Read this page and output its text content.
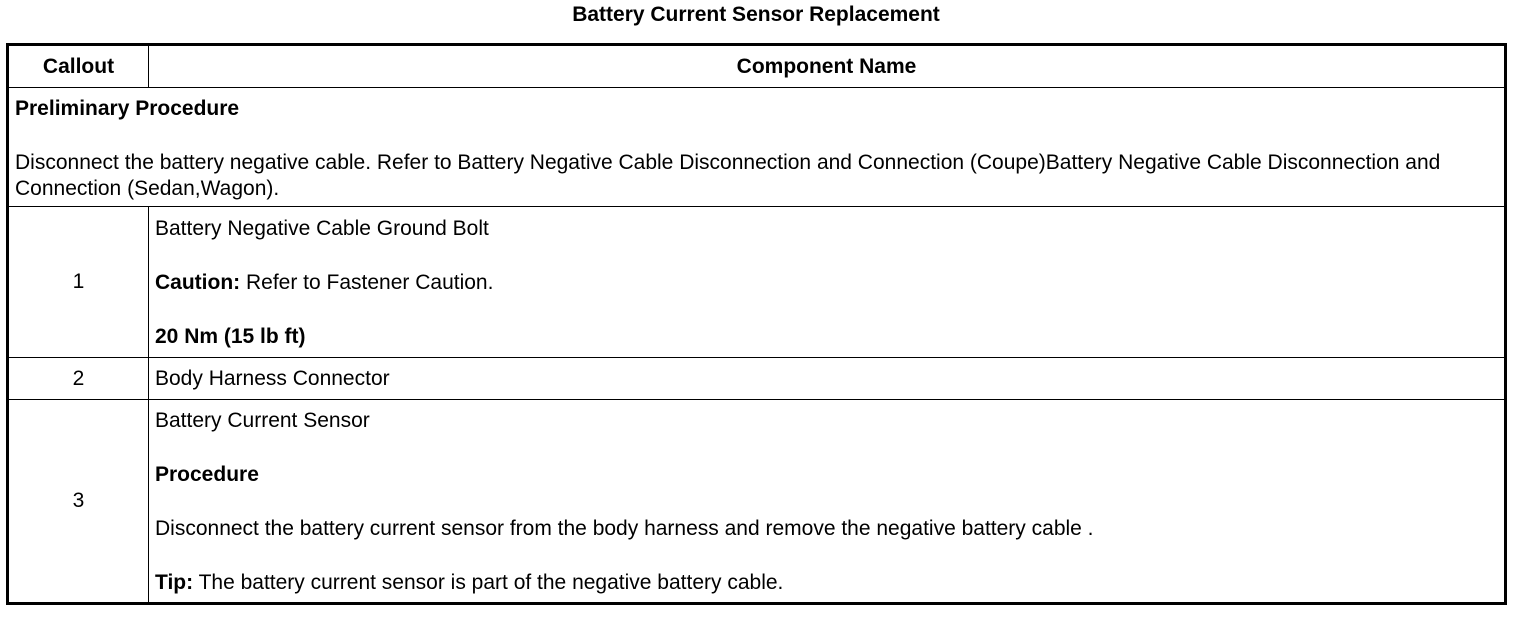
Battery Current Sensor Replacement
Callout	Component Name

Preliminary Procedure

Disconnect the battery negative cable. Refer to Battery Negative Cable Disconnection and Connection (Coupe)Battery Negative Cable Disconnection and Connection (Sedan,Wagon).	

1	Battery Negative Cable Ground Bolt

Caution: Refer to Fastener Caution.

20 Nm (15 lb ft)

2	Body Harness Connector
3	Battery Current Sensor

Procedure

Disconnect the battery current sensor from the body harness and remove the negative battery cable .

Tip: The battery current sensor is part of the negative battery cable.
